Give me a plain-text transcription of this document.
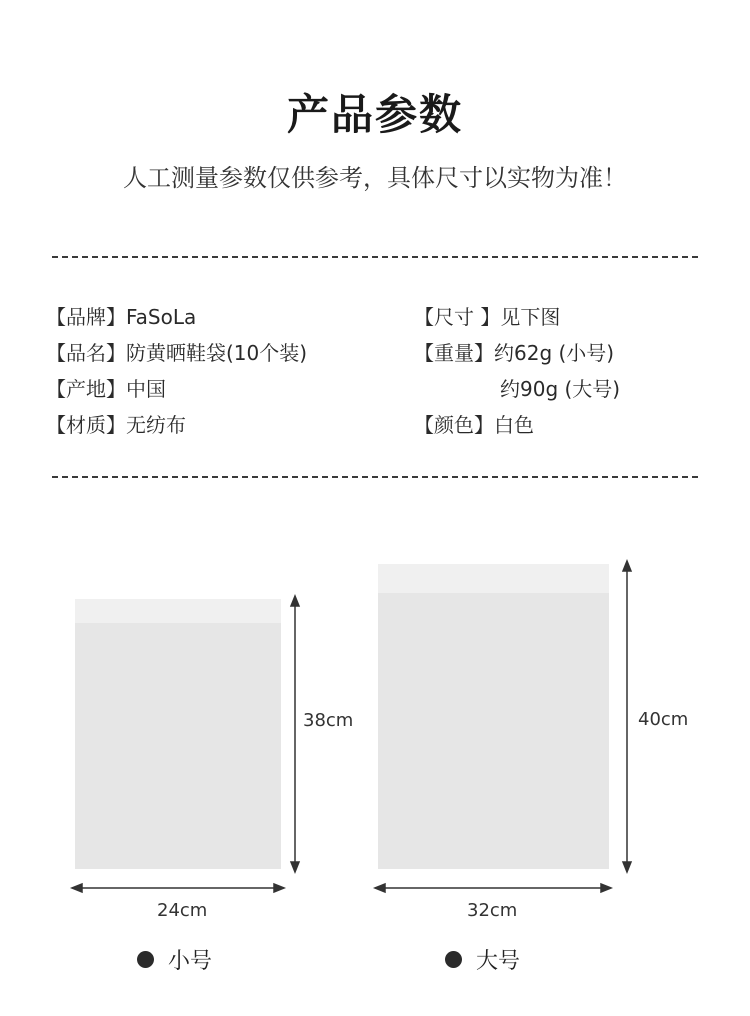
产品参数
人工测量参数仅供参考，具体尺寸以实物为准！
【品牌】FaSoLa
【品名】防黄晒鞋袋(10个装)
【产地】中国
【材质】无纺布
【尺寸 】见下图
【重量】约62g (小号)
约90g (大号)
【颜色】白色
38cm
24cm
40cm
32cm
小号	大号
